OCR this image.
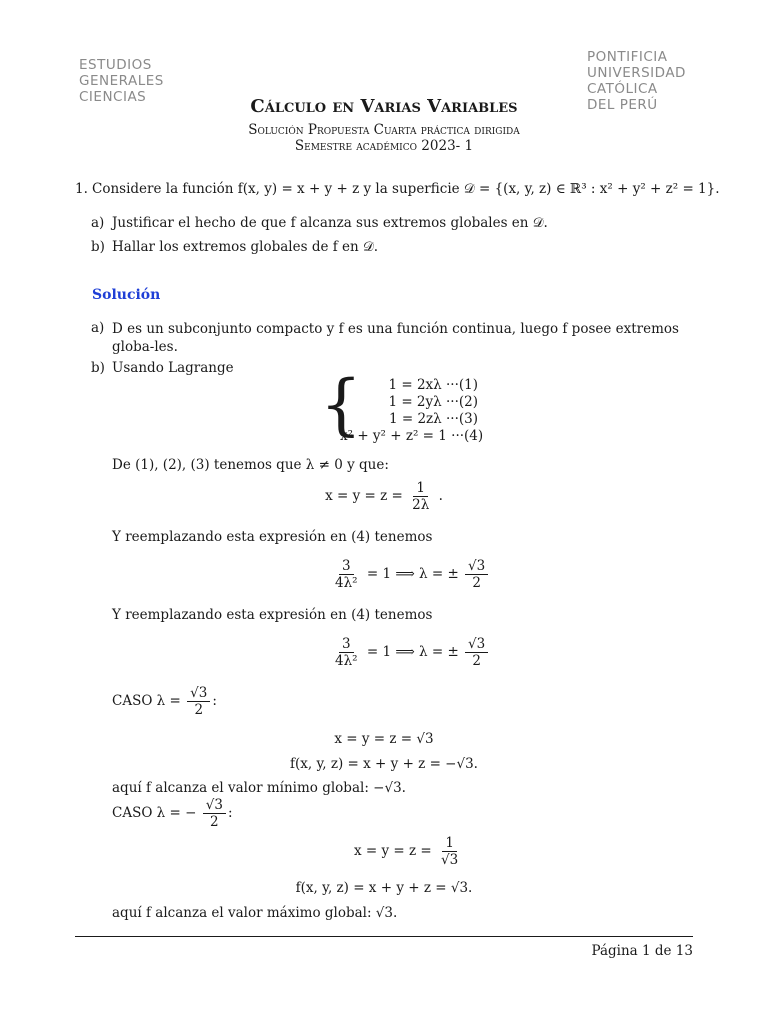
ESTUDIOS
GENERALES
CIENCIAS
PONTIFICIA
UNIVERSIDAD
CATÓLICA
DEL PERÚ
Cálculo en Varias Variables
Solución Propuesta Cuarta práctica dirigida
Semestre académico 2023- 1
1. Considere la función f(x, y) = x + y + z y la superficie 𝒟 = {(x, y, z) ∈ ℝ³ : x² + y² + z² = 1}.
a) Justificar el hecho de que f alcanza sus extremos globales en 𝒟.
b) Hallar los extremos globales de f en 𝒟.
Solución
a) D es un subconjunto compacto y f es una función continua, luego f posee extremos globa-les.
b) Usando Lagrange {	1 = 2xλ ···(1)
1 = 2yλ ···(2)
1 = 2zλ ···(3)
x² + y² + z² = 1 ···(4)
De (1), (2), (3) tenemos que λ ≠ 0 y que:
$x = y = z = \frac{1}{2\lambda}$ .
Y reemplazando esta expresión en (4) tenemos
$\frac{3}{\text{4λ²}} = 1$ ⟹ λ = ± $\frac{√3}{2}$
Y reemplazando esta expresión en (4) tenemos
$\frac{3}{\text{4λ²}} = 1$ ⟹ λ = ± $\frac{√3}{2}$
CASO $\lambda = \frac{√3}{2}$ :
x = y = z = √3
f(x, y, z) = x + y + z = −√3.
aquí f alcanza el valor mínimo global: −√3.
CASO λ = − $\frac{√3}{2}$ :
$x = y = z = \frac{1}{√3}$
f(x, y, z) = x + y + z = √3.
aquí f alcanza el valor máximo global: √3.
Página 1 de 13
